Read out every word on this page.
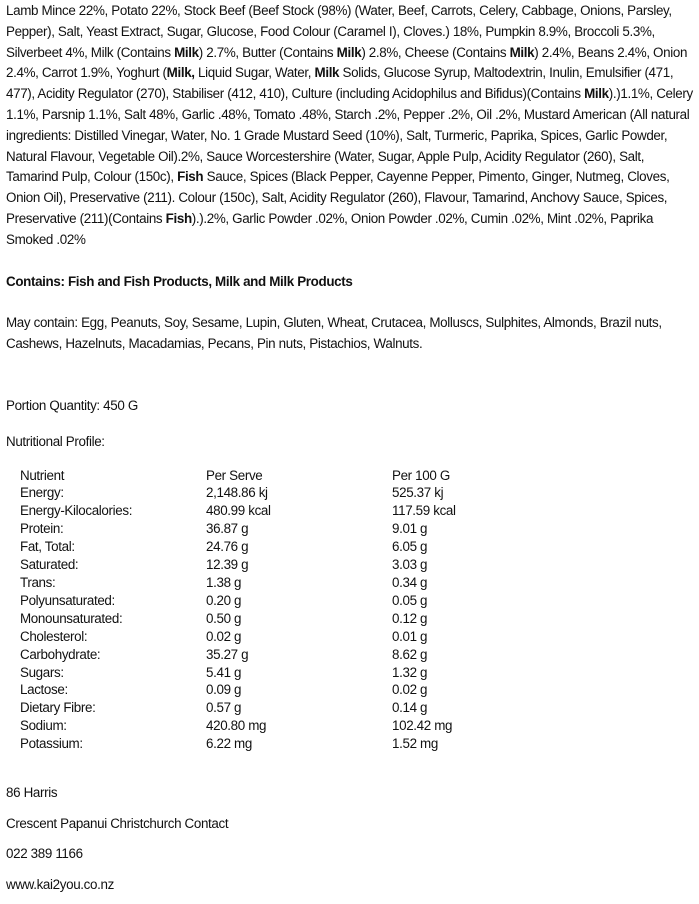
Lamb Mince 22%, Potato 22%, Stock Beef (Beef Stock (98%) (Water, Beef, Carrots, Celery, Cabbage, Onions, Parsley, Pepper), Salt, Yeast Extract, Sugar, Glucose, Food Colour (Caramel I), Cloves.) 18%, Pumpkin 8.9%, Broccoli 5.3%, Silverbeet 4%, Milk (Contains Milk) 2.7%, Butter (Contains Milk) 2.8%, Cheese (Contains Milk) 2.4%, Beans 2.4%, Onion 2.4%, Carrot 1.9%, Yoghurt (Milk, Liquid Sugar, Water, Milk Solids, Glucose Syrup, Maltodextrin, Inulin, Emulsifier (471, 477), Acidity Regulator (270), Stabiliser (412, 410), Culture (including Acidophilus and Bifidus)(Contains Milk).)1.1%, Celery 1.1%, Parsnip 1.1%, Salt 48%, Garlic .48%, Tomato .48%, Starch .2%, Pepper .2%, Oil .2%, Mustard American (All natural ingredients: Distilled Vinegar, Water, No. 1 Grade Mustard Seed (10%), Salt, Turmeric, Paprika, Spices, Garlic Powder, Natural Flavour, Vegetable Oil).2%, Sauce Worcestershire (Water, Sugar, Apple Pulp, Acidity Regulator (260), Salt, Tamarind Pulp, Colour (150c), Fish Sauce, Spices (Black Pepper, Cayenne Pepper, Pimento, Ginger, Nutmeg, Cloves, Onion Oil), Preservative (211). Colour (150c), Salt, Acidity Regulator (260), Flavour, Tamarind, Anchovy Sauce, Spices, Preservative (211)(Contains Fish).).2%, Garlic Powder .02%, Onion Powder .02%, Cumin .02%, Mint .02%, Paprika Smoked .02%

Contains: Fish and Fish Products, Milk and Milk Products

May contain: Egg, Peanuts, Soy, Sesame, Lupin, Gluten, Wheat, Crutacea, Molluscs, Sulphites, Almonds, Brazil nuts, Cashews, Hazelnuts, Macadamias, Pecans, Pin nuts, Pistachios, Walnuts.

Portion Quantity: 450 G

Nutritional Profile:

Nutrient	Per Serve	Per 100 G
Energy:	2,148.86 kj	525.37 kj
Energy-Kilocalories:	480.99 kcal	117.59 kcal
Protein:	36.87 g	9.01 g
Fat, Total:	24.76 g	6.05 g
Saturated:	12.39 g	3.03 g
Trans:	1.38 g	0.34 g
Polyunsaturated:	0.20 g	0.05 g
Monounsaturated:	0.50 g	0.12 g
Cholesterol:	0.02 g	0.01 g
Carbohydrate:	35.27 g	8.62 g
Sugars:	5.41 g	1.32 g
Lactose:	0.09 g	0.02 g
Dietary Fibre:	0.57 g	0.14 g
Sodium:	420.80 mg	102.42 mg
Potassium:	6.22 mg	1.52 mg

86 Harris

Crescent Papanui Christchurch Contact

022 389 1166

www.kai2you.co.nz
